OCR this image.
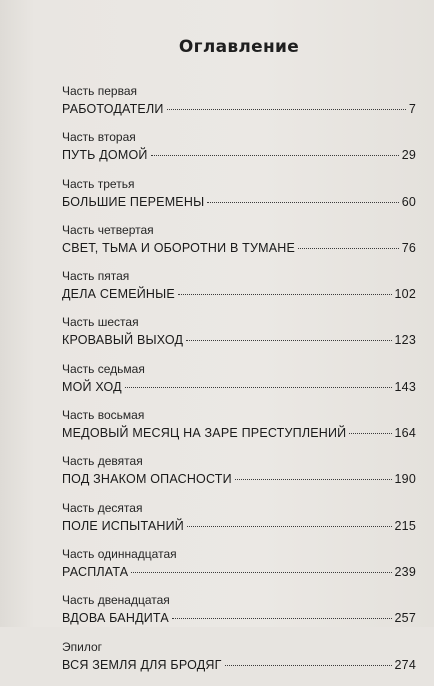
Оглавление
Часть первая
РАБОТОДАТЕЛИ	7
Часть вторая
ПУТЬ ДОМОЙ	29
Часть третья
БОЛЬШИЕ ПЕРЕМЕНЫ	60
Часть четвертая
СВЕТ, ТЬМА И ОБОРОТНИ В ТУМАНЕ	76
Часть пятая
ДЕЛА СЕМЕЙНЫЕ	102
Часть шестая
КРОВАВЫЙ ВЫХОД	123
Часть седьмая
МОЙ ХОД	143
Часть восьмая
МЕДОВЫЙ МЕСЯЦ НА ЗАРЕ ПРЕСТУПЛЕНИЙ	164
Часть девятая
ПОД ЗНАКОМ ОПАСНОСТИ	190
Часть десятая
ПОЛЕ ИСПЫТАНИЙ	215
Часть одиннадцатая
РАСПЛАТА	239
Часть двенадцатая
ВДОВА БАНДИТА	257
Эпилог
ВСЯ ЗЕМЛЯ ДЛЯ БРОДЯГ	274
